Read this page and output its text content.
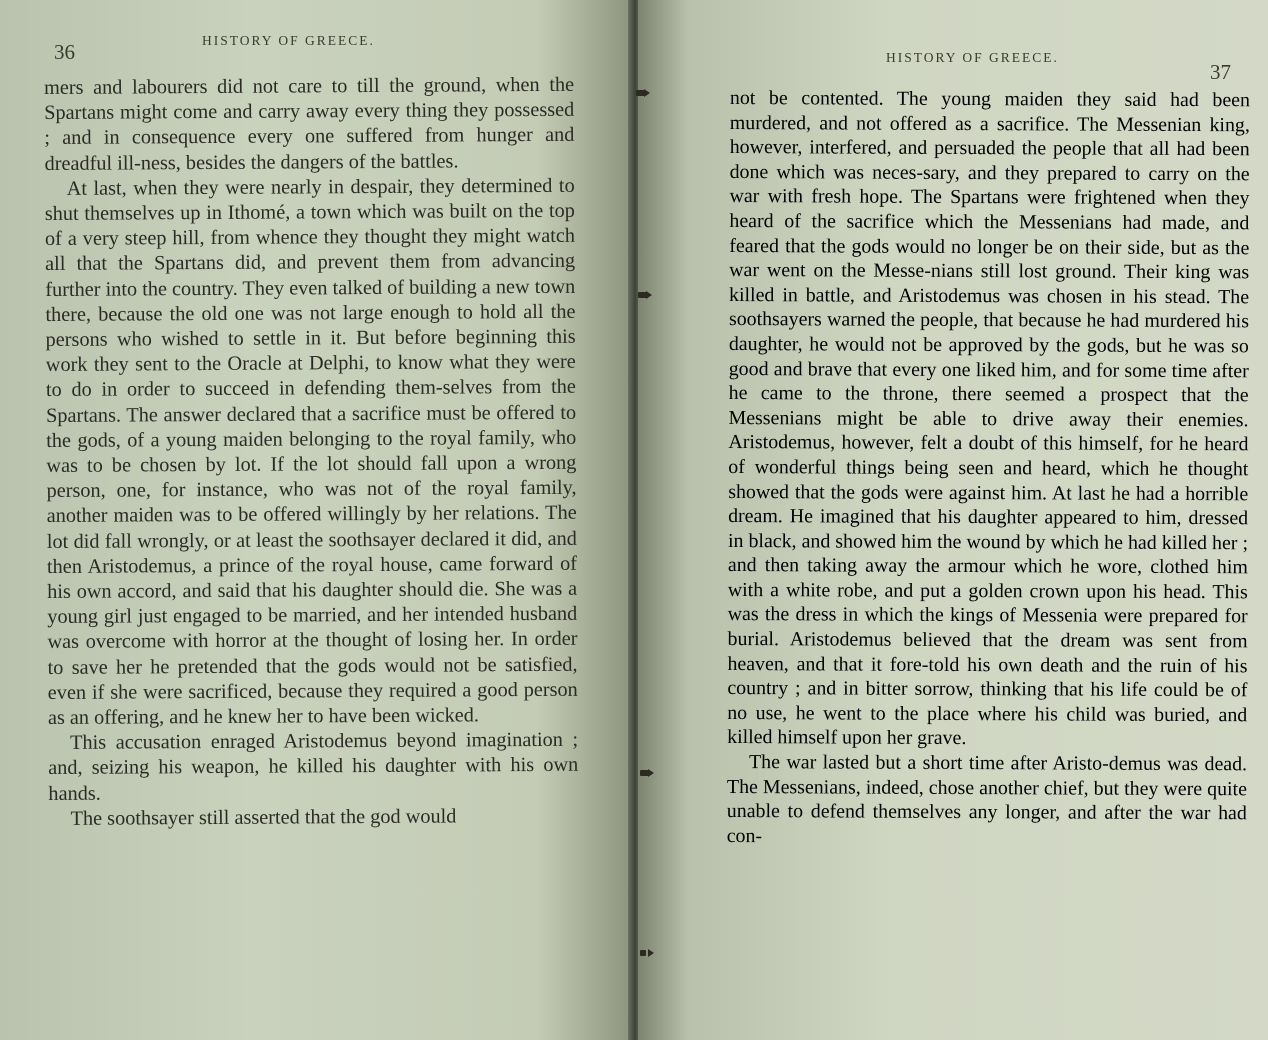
36	HISTORY OF GREECE.

mers and labourers did not care to till the ground, when the Spartans might come and carry away every thing they possessed ; and in consequence every one suffered from hunger and dreadful ill-ness, besides the dangers of the battles.

At last, when they were nearly in despair, they determined to shut themselves up in Ithomé, a town which was built on the top of a very steep hill, from whence they thought they might watch all that the Spartans did, and prevent them from advancing further into the country. They even talked of building a new town there, because the old one was not large enough to hold all the persons who wished to settle in it. But before beginning this work they sent to the Oracle at Delphi, to know what they were to do in order to succeed in defending them-selves from the Spartans. The answer declared that a sacrifice must be offered to the gods, of a young maiden belonging to the royal family, who was to be chosen by lot. If the lot should fall upon a wrong person, one, for instance, who was not of the royal family, another maiden was to be offered willingly by her relations. The lot did fall wrongly, or at least the soothsayer declared it did, and then Aristodemus, a prince of the royal house, came forward of his own accord, and said that his daughter should die. She was a young girl just engaged to be married, and her intended husband was overcome with horror at the thought of losing her. In order to save her he pretended that the gods would not be satisfied, even if she were sacrificed, because they required a good person as an offering, and he knew her to have been wicked.

This accusation enraged Aristodemus beyond imagination ; and, seizing his weapon, he killed his daughter with his own hands.

The soothsayer still asserted that the god would

HISTORY OF GREECE.
37

not be contented. The young maiden they said had been murdered, and not offered as a sacrifice. The Messenian king, however, interfered, and persuaded the people that all had been done which was neces-sary, and they prepared to carry on the war with fresh hope. The Spartans were frightened when they heard of the sacrifice which the Messenians had made, and feared that the gods would no longer be on their side, but as the war went on the Messe-nians still lost ground. Their king was killed in battle, and Aristodemus was chosen in his stead. The soothsayers warned the people, that because he had murdered his daughter, he would not be approved by the gods, but he was so good and brave that every one liked him, and for some time after he came to the throne, there seemed a prospect that the Messenians might be able to drive away their enemies. Aristodemus, however, felt a doubt of this himself, for he heard of wonderful things being seen and heard, which he thought showed that the gods were against him. At last he had a horrible dream. He imagined that his daughter appeared to him, dressed in black, and showed him the wound by which he had killed her ; and then taking away the armour which he wore, clothed him with a white robe, and put a golden crown upon his head. This was the dress in which the kings of Messenia were prepared for burial. Aristodemus believed that the dream was sent from heaven, and that it fore-told his own death and the ruin of his country ; and in bitter sorrow, thinking that his life could be of no use, he went to the place where his child was buried, and killed himself upon her grave.

The war lasted but a short time after Aristo-demus was dead. The Messenians, indeed, chose another chief, but they were quite unable to defend themselves any longer, and after the war had con-
